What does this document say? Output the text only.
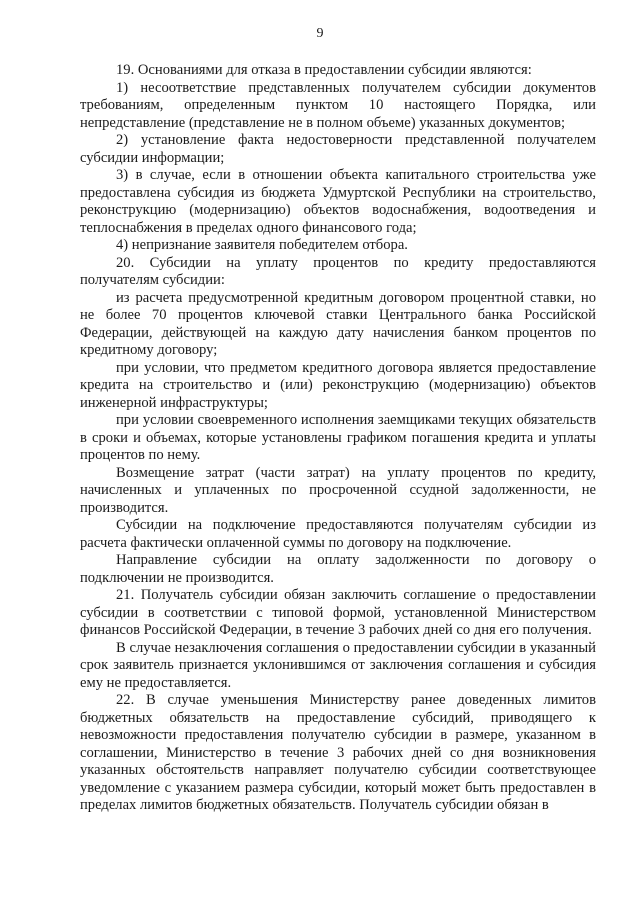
9

19. Основаниями для отказа в предоставлении субсидии являются:

1) несоответствие представленных получателем субсидии документов требованиям, определенным пунктом 10 настоящего Порядка, или непредставление (представление не в полном объеме) указанных документов;

2) установление факта недостоверности представленной получателем субсидии информации;

3) в случае, если в отношении объекта капитального строительства уже предоставлена субсидия из бюджета Удмуртской Республики на строительство, реконструкцию (модернизацию) объектов водоснабжения, водоотведения и теплоснабжения в пределах одного финансового года;

4) непризнание заявителя победителем отбора.

20. Субсидии на уплату процентов по кредиту предоставляются получателям субсидии:

из расчета предусмотренной кредитным договором процентной ставки, но не более 70 процентов ключевой ставки Центрального банка Российской Федерации, действующей на каждую дату начисления банком процентов по кредитному договору;

при условии, что предметом кредитного договора является предоставление кредита на строительство и (или) реконструкцию (модернизацию) объектов инженерной инфраструктуры;

при условии своевременного исполнения заемщиками текущих обязательств в сроки и объемах, которые установлены графиком погашения кредита и уплаты процентов по нему.

Возмещение затрат (части затрат) на уплату процентов по кредиту, начисленных и уплаченных по просроченной ссудной задолженности, не производится.

Субсидии на подключение предоставляются получателям субсидии из расчета фактически оплаченной суммы по договору на подключение.

Направление субсидии на оплату задолженности по договору о подключении не производится.

21. Получатель субсидии обязан заключить соглашение о предоставлении субсидии в соответствии с типовой формой, установленной Министерством финансов Российской Федерации, в течение 3 рабочих дней со дня его получения.

В случае незаключения соглашения о предоставлении субсидии в указанный срок заявитель признается уклонившимся от заключения соглашения и субсидия ему не предоставляется.

22. В случае уменьшения Министерству ранее доведенных лимитов бюджетных обязательств на предоставление субсидий, приводящего к невозможности предоставления получателю субсидии в размере, указанном в соглашении, Министерство в течение 3 рабочих дней со дня возникновения указанных обстоятельств направляет получателю субсидии соответствующее уведомление с указанием размера субсидии, который может быть предоставлен в пределах лимитов бюджетных обязательств. Получатель субсидии обязан в
